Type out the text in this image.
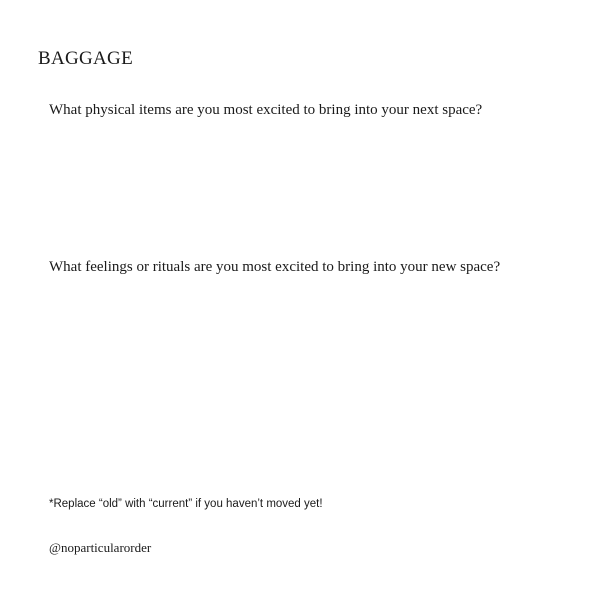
BAGGAGE

What physical items are you most excited to bring into your next space?

What feelings or rituals are you most excited to bring into your new space?

*Replace “old” with “current” if you haven’t moved yet!

@noparticularorder
